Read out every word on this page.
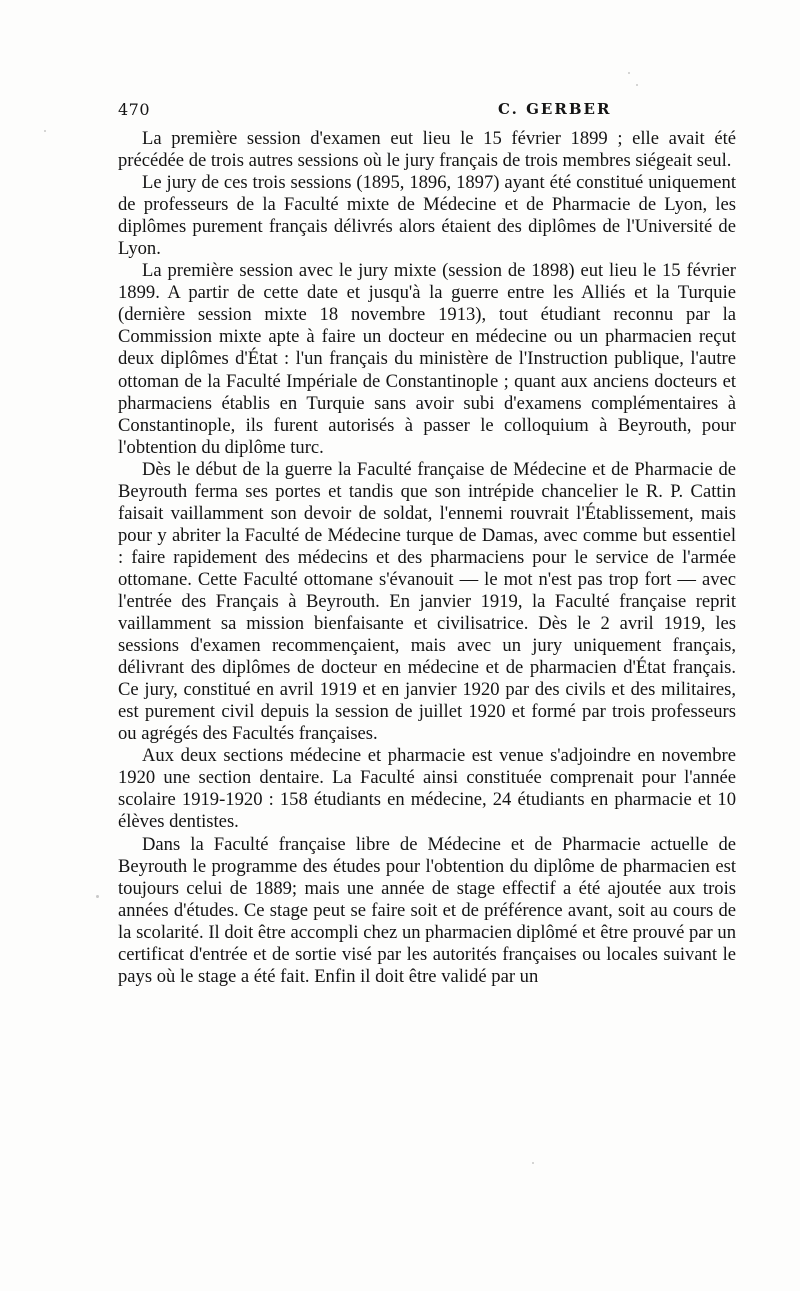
470	C. GERBER

La première session d'examen eut lieu le 15 février 1899 ; elle avait été précédée de trois autres sessions où le jury français de trois membres siégeait seul.

Le jury de ces trois sessions (1895, 1896, 1897) ayant été constitué uniquement de professeurs de la Faculté mixte de Médecine et de Pharmacie de Lyon, les diplômes purement français délivrés alors étaient des diplômes de l'Université de Lyon.

La première session avec le jury mixte (session de 1898) eut lieu le 15 février 1899. A partir de cette date et jusqu'à la guerre entre les Alliés et la Turquie (dernière session mixte 18 novembre 1913), tout étudiant reconnu par la Commission mixte apte à faire un docteur en médecine ou un pharmacien reçut deux diplômes d'État : l'un français du ministère de l'Instruction publique, l'autre ottoman de la Faculté Impériale de Constantinople ; quant aux anciens docteurs et pharmaciens établis en Turquie sans avoir subi d'examens complémentaires à Constantinople, ils furent autorisés à passer le colloquium à Beyrouth, pour l'obtention du diplôme turc.

Dès le début de la guerre la Faculté française de Médecine et de Pharmacie de Beyrouth ferma ses portes et tandis que son intrépide chancelier le R. P. Cattin faisait vaillamment son devoir de soldat, l'ennemi rouvrait l'Établissement, mais pour y abriter la Faculté de Médecine turque de Damas, avec comme but essentiel : faire rapidement des médecins et des pharmaciens pour le service de l'armée ottomane. Cette Faculté ottomane s'évanouit — le mot n'est pas trop fort — avec l'entrée des Français à Beyrouth. En janvier 1919, la Faculté française reprit vaillamment sa mission bienfaisante et civilisatrice. Dès le 2 avril 1919, les sessions d'examen recommençaient, mais avec un jury uniquement français, délivrant des diplômes de docteur en médecine et de pharmacien d'État français. Ce jury, constitué en avril 1919 et en janvier 1920 par des civils et des militaires, est purement civil depuis la session de juillet 1920 et formé par trois professeurs ou agrégés des Facultés françaises.

Aux deux sections médecine et pharmacie est venue s'adjoindre en novembre 1920 une section dentaire. La Faculté ainsi constituée comprenait pour l'année scolaire 1919-1920 : 158 étudiants en médecine, 24 étudiants en pharmacie et 10 élèves dentistes.

Dans la Faculté française libre de Médecine et de Pharmacie actuelle de Beyrouth le programme des études pour l'obtention du diplôme de pharmacien est toujours celui de 1889; mais une année de stage effectif a été ajoutée aux trois années d'études. Ce stage peut se faire soit et de préférence avant, soit au cours de la scolarité. Il doit être accompli chez un pharmacien diplômé et être prouvé par un certificat d'entrée et de sortie visé par les autorités françaises ou locales suivant le pays où le stage a été fait. Enfin il doit être validé par un
